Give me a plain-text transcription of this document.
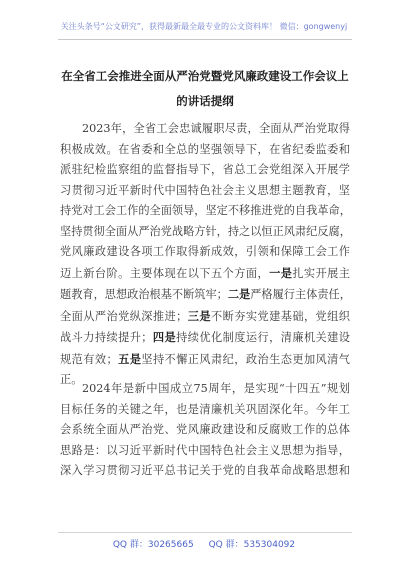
关注头条号“公文研究”，获得最新最全最专业的公文资料库！ 微信：gongwenyj
在全省工会推进全面从严治党暨党风廉政建设工作会议上
的讲话提纲
2023年，全省工会忠诚履职尽责，全面从严治党取得
积极成效。在省委和全总的坚强领导下，在省纪委监委和
派驻纪检监察组的监督指导下，省总工会党组深入开展学
习贯彻习近平新时代中国特色社会主义思想主题教育，坚
持党对工会工作的全面领导，坚定不移推进党的自我革命，
坚持贯彻全面从严治党战略方针，持之以恒正风肃纪反腐，
党风廉政建设各项工作取得新成效，引领和保障工会工作
迈上新台阶。主要体现在以下五个方面，一是扎实开展主
题教育，思想政治根基不断筑牢；二是严格履行主体责任，
全面从严治党纵深推进；三是不断夯实党建基础，党组织
战斗力持续提升；四是持续优化制度运行，清廉机关建设
规范有效；五是坚持不懈正风肃纪，政治生态更加风清气
正。
2024年是新中国成立75周年，是实现“十四五”规划
目标任务的关键之年，也是清廉机关巩固深化年。今年工
会系统全面从严治党、党风廉政建设和反腐败工作的总体
思路是：以习近平新时代中国特色社会主义思想为指导，
深入学习贯彻习近平总书记关于党的自我革命战略思想和
QQ 群：30265665 QQ 群：535304092
